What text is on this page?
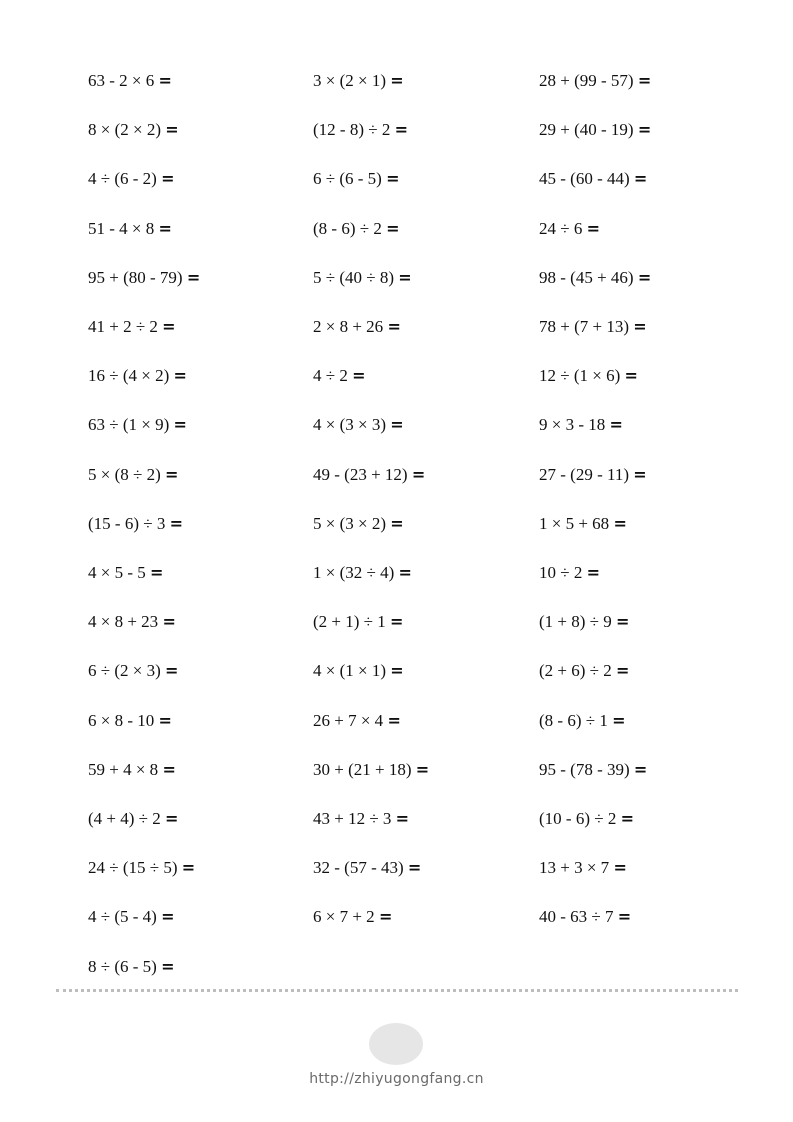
63 - 2 × 6 =
8 × (2 × 2) =
4 ÷ (6 - 2) =
51 - 4 × 8 =
95 + (80 - 79) =
41 + 2 ÷ 2 =
16 ÷ (4 × 2) =
63 ÷ (1 × 9) =
5 × (8 ÷ 2) =
(15 - 6) ÷ 3 =
4 × 5 - 5 =
4 × 8 + 23 =
6 ÷ (2 × 3) =
6 × 8 - 10 =
59 + 4 × 8 =
(4 + 4) ÷ 2 =
24 ÷ (15 ÷ 5) =
4 ÷ (5 - 4) =
8 ÷ (6 - 5) =
3 × (2 × 1) =
(12 - 8) ÷ 2 =
6 ÷ (6 - 5) =
(8 - 6) ÷ 2 =
5 ÷ (40 ÷ 8) =
2 × 8 + 26 =
4 ÷ 2 =
4 × (3 × 3) =
49 - (23 + 12) =
5 × (3 × 2) =
1 × (32 ÷ 4) =
(2 + 1) ÷ 1 =
4 × (1 × 1) =
26 + 7 × 4 =
30 + (21 + 18) =
43 + 12 ÷ 3 =
32 - (57 - 43) =
6 × 7 + 2 =
28 + (99 - 57) =
29 + (40 - 19) =
45 - (60 - 44) =
24 ÷ 6 =
98 - (45 + 46) =
78 + (7 + 13) =
12 ÷ (1 × 6) =
9 × 3 - 18 =
27 - (29 - 11) =
1 × 5 + 68 =
10 ÷ 2 =
(1 + 8) ÷ 9 =
(2 + 6) ÷ 2 =
(8 - 6) ÷ 1 =
95 - (78 - 39) =
(10 - 6) ÷ 2 =
13 + 3 × 7 =
40 - 63 ÷ 7 =
http://zhiyugongfang.cn
